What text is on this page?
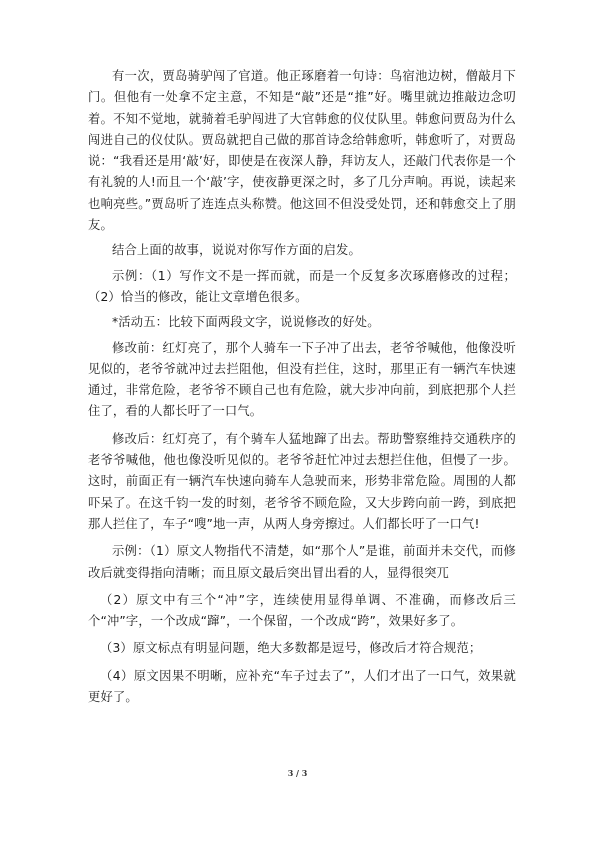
有一次，贾岛骑驴闯了官道。他正琢磨着一句诗：鸟宿池边树，僧敲月下门。但他有一处拿不定主意，不知是“敲”还是“推”好。嘴里就边推敲边念叨着。不知不觉地，就骑着毛驴闯进了大官韩愈的仪仗队里。韩愈问贾岛为什么闯进自己的仪仗队。贾岛就把自己做的那首诗念给韩愈听，韩愈听了，对贾岛说：“我看还是用‘敲’好，即使是在夜深人静，拜访友人，还敲门代表你是一个有礼貌的人!而且一个‘敲’字，使夜静更深之时，多了几分声响。再说，读起来也响亮些。”贾岛听了连连点头称赞。他这回不但没受处罚，还和韩愈交上了朋友。

结合上面的故事，说说对你写作方面的启发。

示例：（1）写作文不是一挥而就，而是一个反复多次琢磨修改的过程；（2）恰当的修改，能让文章增色很多。

*活动五：比较下面两段文字，说说修改的好处。

修改前：红灯亮了，那个人骑车一下子冲了出去，老爷爷喊他，他像没听见似的，老爷爷就冲过去拦阻他，但没有拦住，这时，那里正有一辆汽车快速通过，非常危险，老爷爷不顾自己也有危险，就大步冲向前，到底把那个人拦住了，看的人都长吁了一口气。

修改后：红灯亮了，有个骑车人猛地蹿了出去。帮助警察维持交通秩序的老爷爷喊他，他也像没听见似的。老爷爷赶忙冲过去想拦住他，但慢了一步。这时，前面正有一辆汽车快速向骑车人急驶而来，形势非常危险。周围的人都吓呆了。在这千钧一发的时刻，老爷爷不顾危险，又大步跨向前一跨，到底把那人拦住了，车子“嗖”地一声，从两人身旁擦过。人们都长吁了一口气!

示例：（1）原文人物指代不清楚，如“那个人”是谁，前面并未交代，而修改后就变得指向清晰；而且原文最后突出冒出看的人，显得很突兀

（2）原文中有三个“冲”字，连续使用显得单调、不准确，而修改后三个“冲”字，一个改成“蹿”，一个保留，一个改成“跨”，效果好多了。

（3）原文标点有明显问题，绝大多数都是逗号，修改后才符合规范；

（4）原文因果不明晰，应补充“车子过去了”，人们才出了一口气，效果就更好了。

3 / 3
